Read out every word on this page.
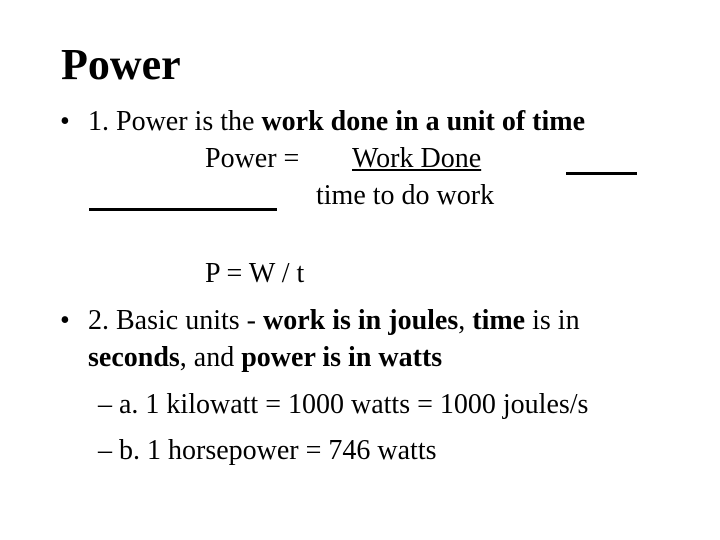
Power
• 1. Power is the work done in a unit of time
Power = Work Done
time to do work
P = W / t
• 2. Basic units - work is in joules, time is in
seconds, and power is in watts
– a. 1 kilowatt = 1000 watts = 1000 joules/s
– b. 1 horsepower = 746 watts
